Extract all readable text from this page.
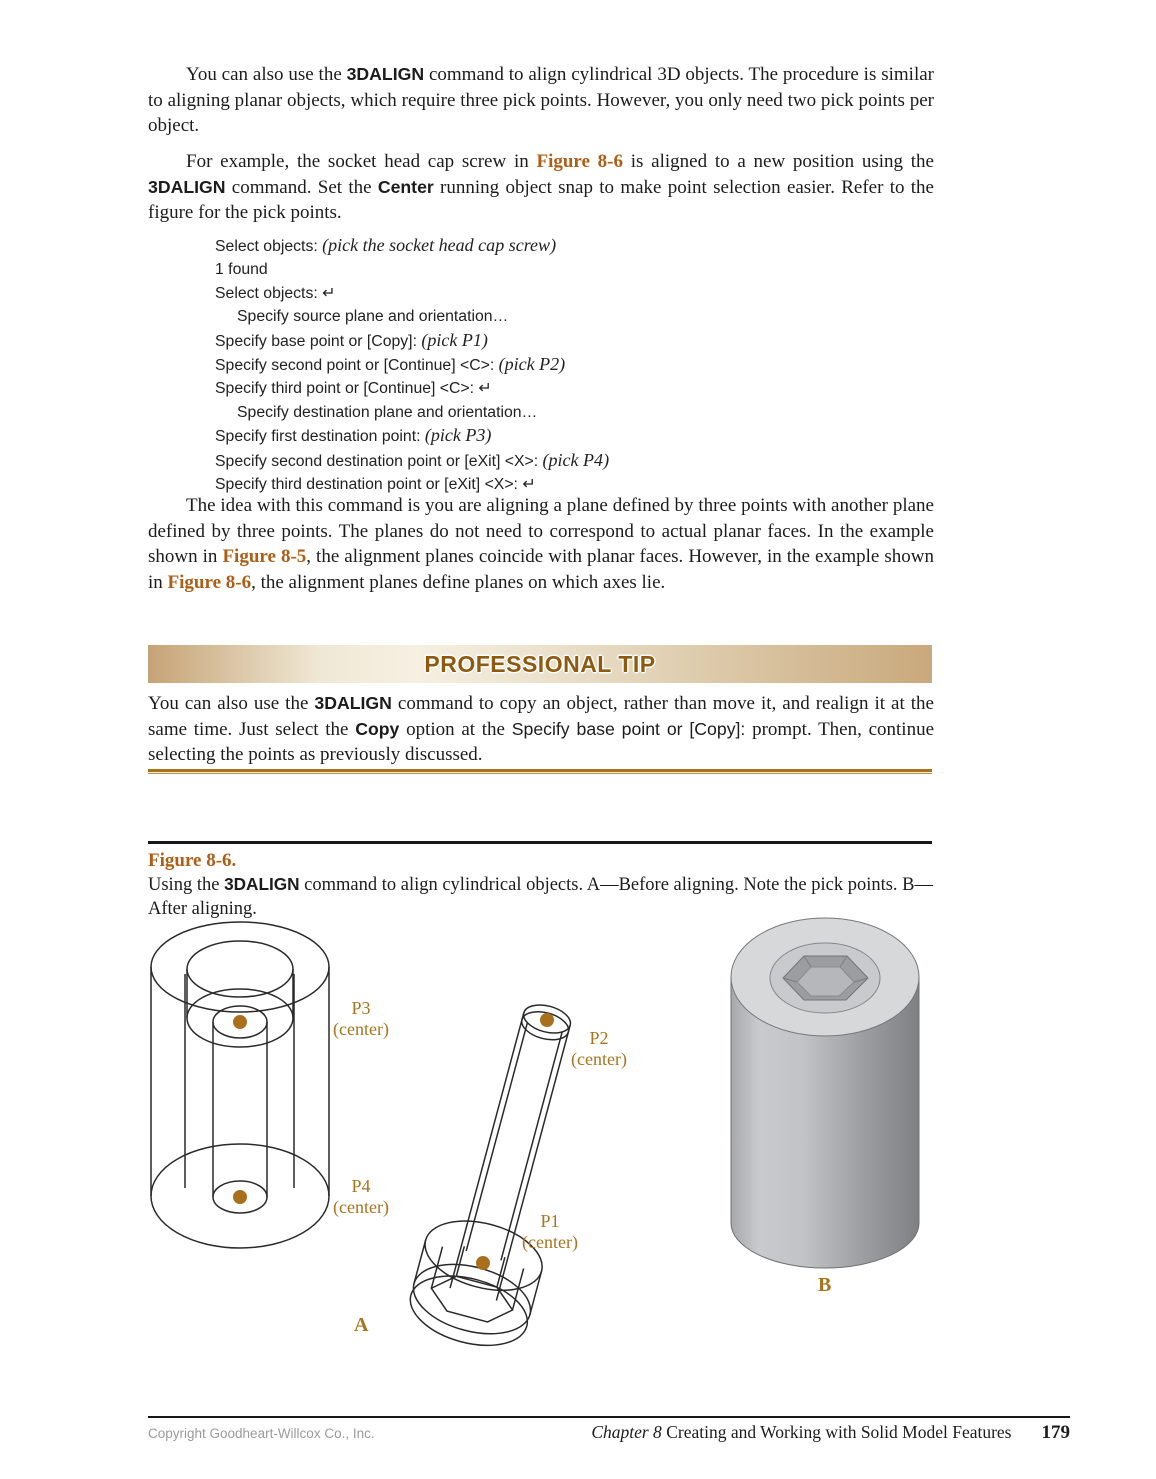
You can also use the 3DALIGN command to align cylindrical 3D objects. The procedure is similar to aligning planar objects, which require three pick points. However, you only need two pick points per object.
For example, the socket head cap screw in Figure 8-6 is aligned to a new position using the 3DALIGN command. Set the Center running object snap to make point selection easier. Refer to the figure for the pick points.
Select objects: (pick the socket head cap screw)
1 found
Select objects: ↵
Specify source plane and orientation…
Specify base point or [Copy]: (pick P1)
Specify second point or [Continue] <C>: (pick P2)
Specify third point or [Continue] <C>: ↵
Specify destination plane and orientation…
Specify first destination point: (pick P3)
Specify second destination point or [eXit] <X>: (pick P4)
Specify third destination point or [eXit] <X>: ↵
The idea with this command is you are aligning a plane defined by three points with another plane defined by three points. The planes do not need to correspond to actual planar faces. In the example shown in Figure 8-5, the alignment planes coincide with planar faces. However, in the example shown in Figure 8-6, the alignment planes define planes on which axes lie.
PROFESSIONAL TIP
You can also use the 3DALIGN command to copy an object, rather than move it, and realign it at the same time. Just select the Copy option at the Specify base point or [Copy]: prompt. Then, continue selecting the points as previously discussed.
Figure 8-6.
Using the 3DALIGN command to align cylindrical objects. A—Before aligning. Note the pick points. B—After aligning.
P3
(center)
P4
(center)
P2
(center)
P1
(center)
A
B
Copyright Goodheart-Willcox Co., Inc.	Chapter 8 Creating and Working with Solid Model Features 179
